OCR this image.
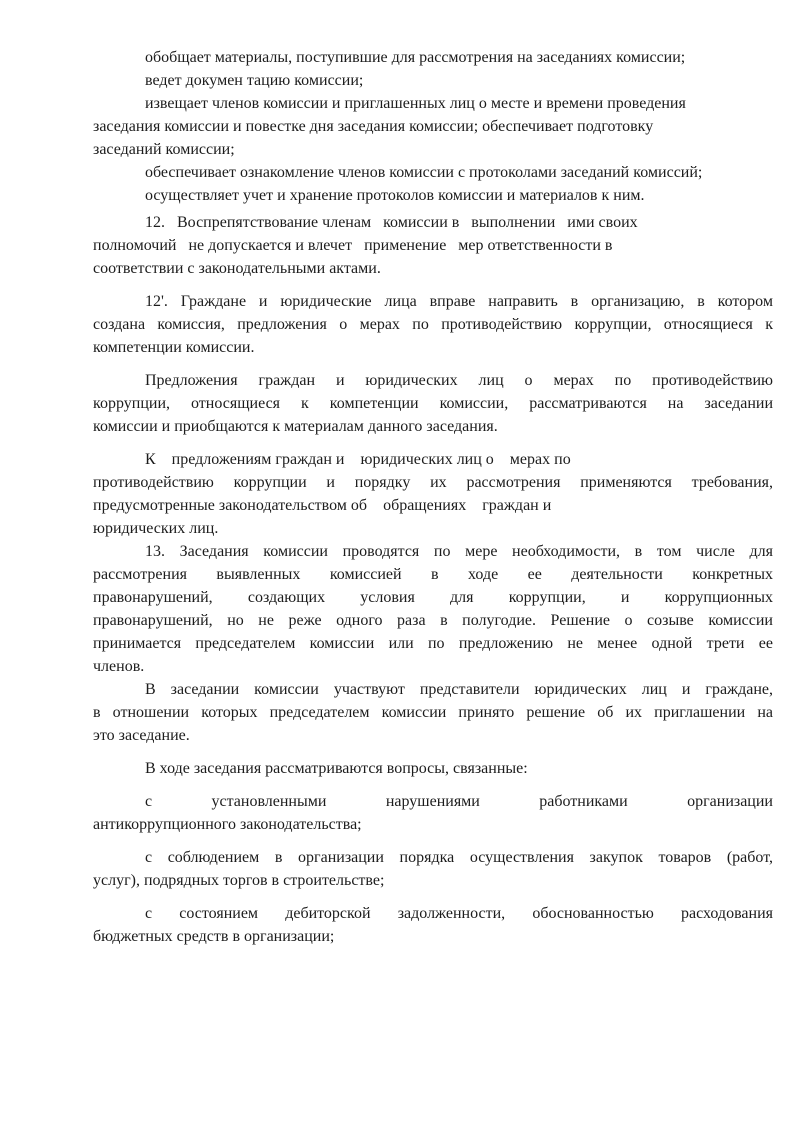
обобщает материалы, поступившие для рассмотрения на заседаниях комиссии;
ведет докумен тацию комиссии;
извещает членов комиссии и приглашенных лиц о месте и времени проведения
заседания комиссии и повестке дня заседания комиссии; обеспечивает подготовку
заседаний комиссии;
обеспечивает ознакомление членов комиссии с протоколами заседаний комиссий;
осуществляет учет и хранение протоколов комиссии и материалов к ним.
12.   Воспрепятствование членам   комиссии в   выполнении   ими своих
полномочий   не допускается и влечет   применение   мер ответственности в
соответствии с законодательными актами.
12'. Граждане и юридические лица вправе направить в организацию, в котором
создана комиссия, предложения о мерах по противодействию коррупции, относящиеся к
компетенции комиссии.
Предложения граждан и юридических лиц о мерах по противодействию
коррупции, относящиеся к компетенции комиссии, рассматриваются на заседании
комиссии и приобщаются к материалам данного заседания.
К    предложениям граждан и    юридических лиц о    мерах по
противодействию коррупции и порядку их рассмотрения применяются требования,
предусмотренные законодательством об    обращениях    граждан и
юридических лиц.
13. Заседания комиссии проводятся по мере необходимости, в том числе для
рассмотрения выявленных комиссией в ходе ее деятельности конкретных
правонарушений, создающих условия для коррупции, и коррупционных
правонарушений, но не реже одного раза в полугодие. Решение о созыве комиссии
принимается председателем комиссии или по предложению не менее одной трети ее
членов.
В заседании комиссии участвуют представители юридических лиц и граждане,
в отношении которых председателем комиссии принято решение об их приглашении на
это заседание.
В ходе заседания рассматриваются вопросы, связанные:
с установленными нарушениями работниками организации
антикоррупционного законодательства;
с соблюдением в организации порядка осуществления закупок товаров (работ,
услуг), подрядных торгов в строительстве;
с состоянием дебиторской задолженности, обоснованностью расходования
бюджетных средств в организации;
